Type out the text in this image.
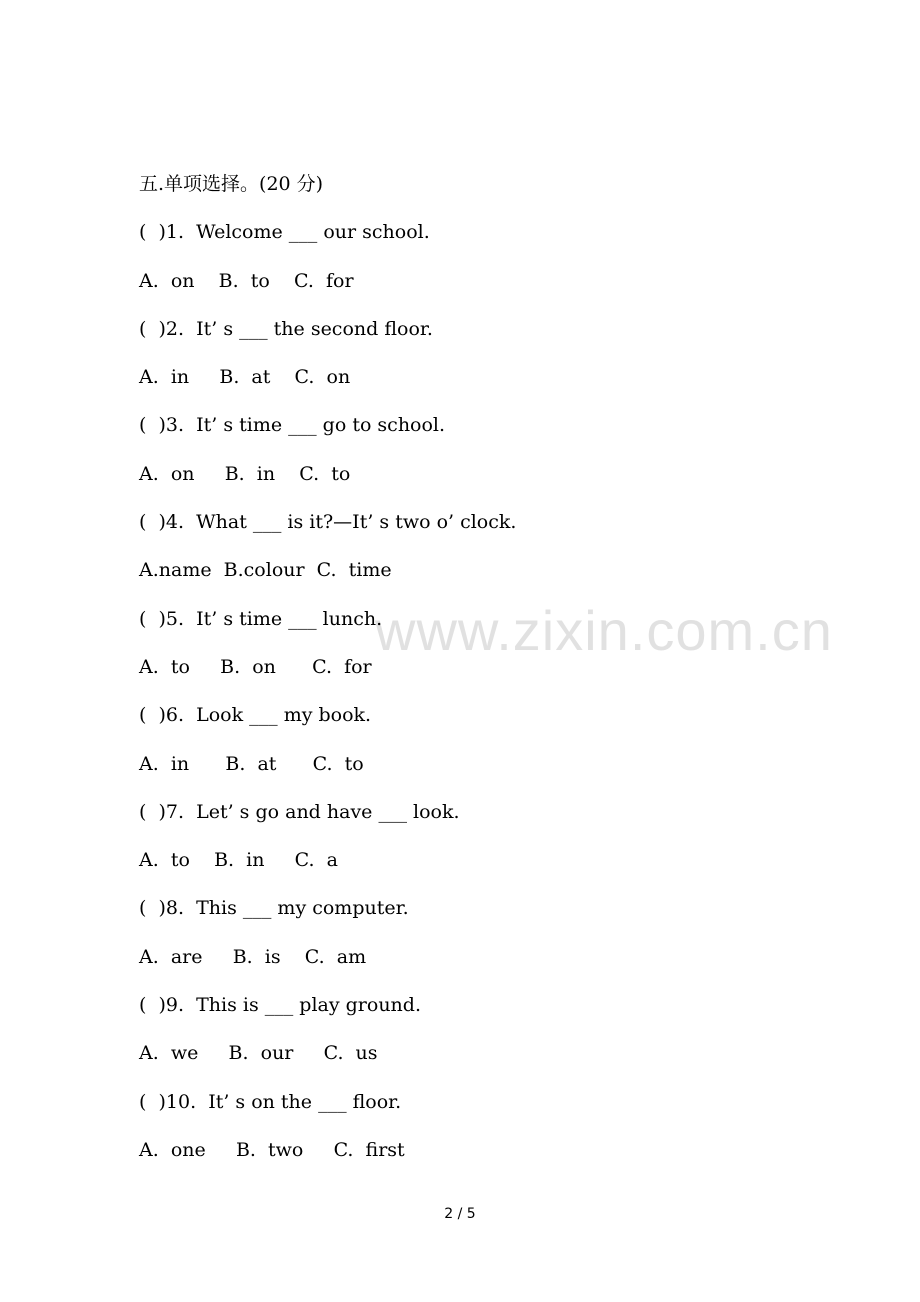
www.zixin.com.cn
五.单项选择。(20 分)
(  )1.  Welcome ___ our school.
A.  on    B.  to    C.  for
(  )2.  It’ s ___ the second floor.
A.  in     B.  at    C.  on
(  )3.  It’ s time ___ go to school.
A.  on     B.  in    C.  to
(  )4.  What ___ is it?—It’ s two o’ clock.
A.name  B.colour  C.  time
(  )5.  It’ s time ___ lunch.
A.  to     B.  on      C.  for
(  )6.  Look ___ my book.
A.  in      B.  at      C.  to
(  )7.  Let’ s go and have ___ look.
A.  to    B.  in     C.  a
(  )8.  This ___ my computer.
A.  are     B.  is    C.  am
(  )9.  This is ___ play ground.
A.  we     B.  our     C.  us
(  )10.  It’ s on the ___ floor.
A.  one     B.  two     C.  first
2 / 5
